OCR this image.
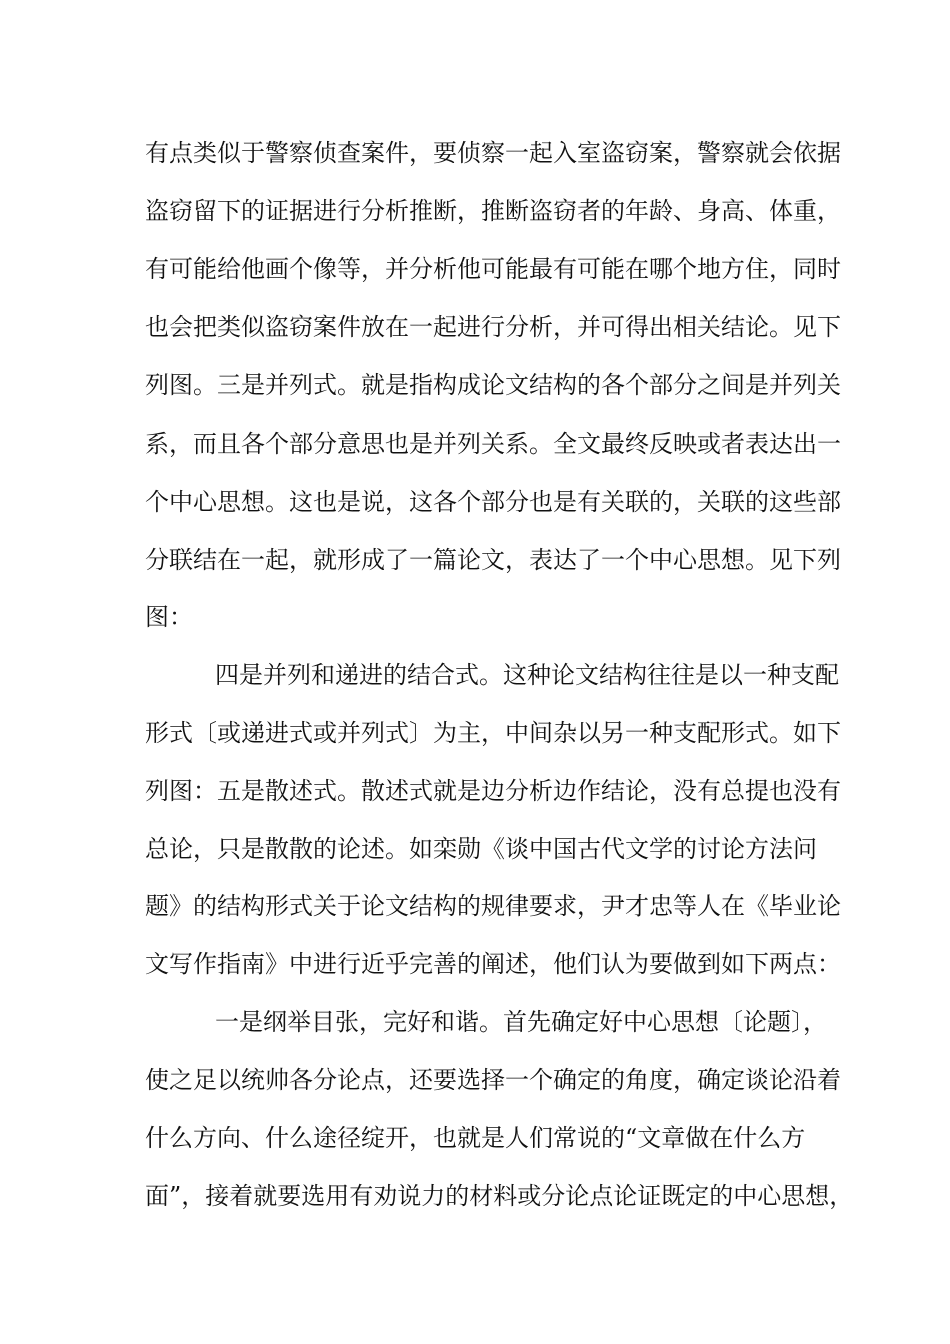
有点类似于警察侦查案件，要侦察一起入室盗窃案，警察就会依据
盗窃留下的证据进行分析推断，推断盗窃者的年龄、身高、体重，
有可能给他画个像等，并分析他可能最有可能在哪个地方住，同时
也会把类似盗窃案件放在一起进行分析，并可得出相关结论。见下
列图。三是并列式。就是指构成论文结构的各个部分之间是并列关
系，而且各个部分意思也是并列关系。全文最终反映或者表达出一
个中心思想。这也是说，这各个部分也是有关联的，关联的这些部
分联结在一起，就形成了一篇论文，表达了一个中心思想。见下列
图：
四是并列和递进的结合式。这种论文结构往往是以一种支配
形式〔或递进式或并列式〕为主，中间杂以另一种支配形式。如下
列图：五是散述式。散述式就是边分析边作结论，没有总提也没有
总论，只是散散的论述。如栾勋《谈中国古代文学的讨论方法问
题》的结构形式关于论文结构的规律要求，尹才忠等人在《毕业论
文写作指南》中进行近乎完善的阐述，他们认为要做到如下两点：
一是纲举目张，完好和谐。首先确定好中心思想〔论题〕，
使之足以统帅各分论点，还要选择一个确定的角度，确定谈论沿着
什么方向、什么途径绽开，也就是人们常说的“文章做在什么方
面”，接着就要选用有劝说力的材料或分论点论证既定的中心思想，
